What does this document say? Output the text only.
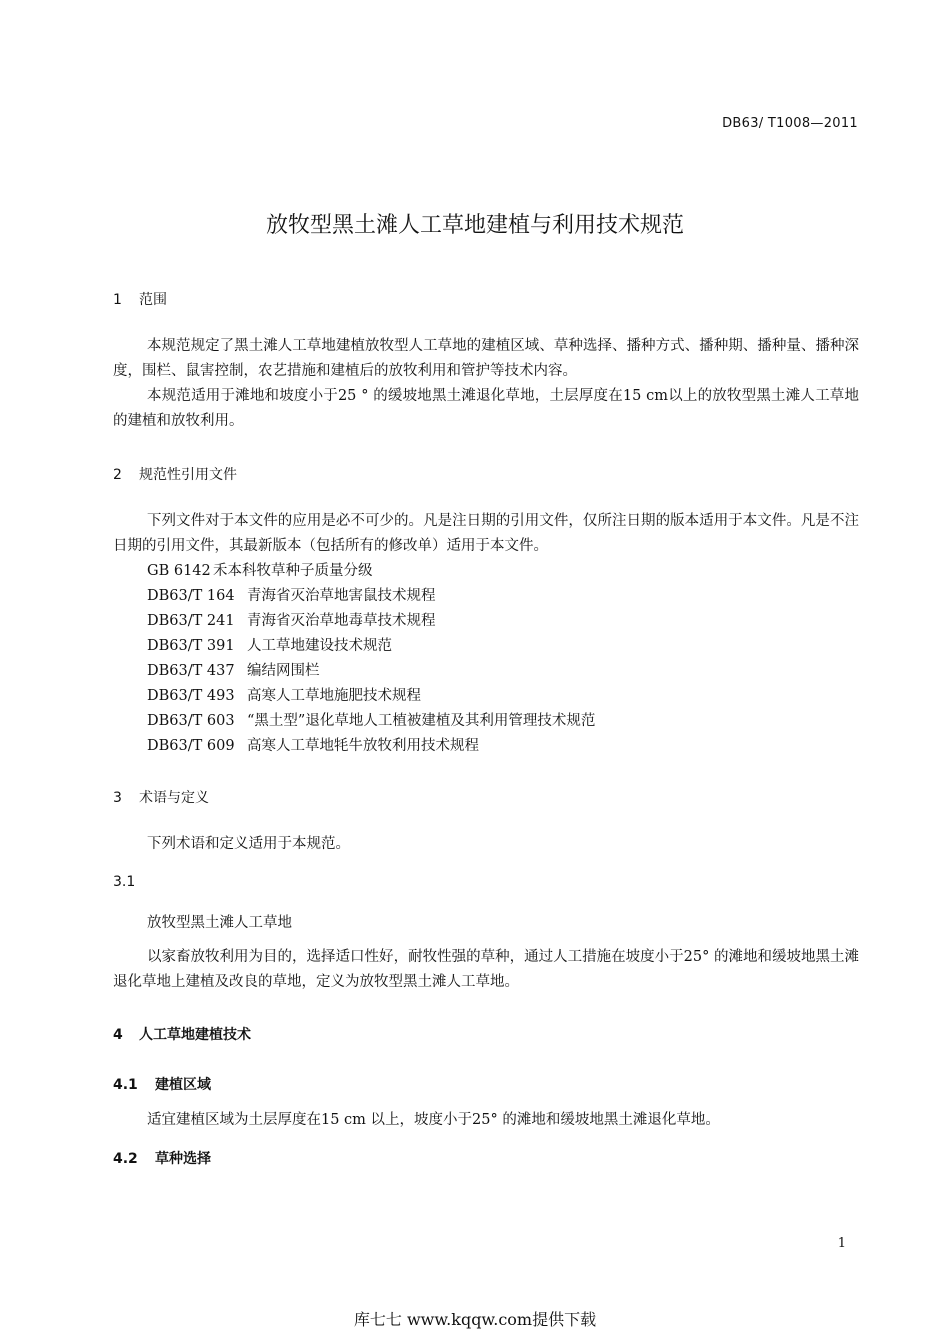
DB63/ T1008—2011
放牧型黑土滩人工草地建植与利用技术规范
1 范围
本规范规定了黑土滩人工草地建植放牧型人工草地的建植区域、草种选择、播种方式、播种期、播种量、播种深度，围栏、鼠害控制，农艺措施和建植后的放牧利用和管护等技术内容。
本规范适用于滩地和坡度小于25 ° 的缓坡地黑土滩退化草地，土层厚度在15 cm以上的放牧型黑土滩人工草地的建植和放牧利用。
2 规范性引用文件
下列文件对于本文件的应用是必不可少的。凡是注日期的引用文件，仅所注日期的版本适用于本文件。凡是不注日期的引用文件，其最新版本（包括所有的修改单）适用于本文件。
GB 6142 禾本科牧草种子质量分级
DB63/T 164 青海省灭治草地害鼠技术规程
DB63/T 241 青海省灭治草地毒草技术规程
DB63/T 391 人工草地建设技术规范
DB63/T 437 编结网围栏
DB63/T 493 高寒人工草地施肥技术规程
DB63/T 603 “黑土型”退化草地人工植被建植及其利用管理技术规范
DB63/T 609 高寒人工草地牦牛放牧利用技术规程
3 术语与定义
下列术语和定义适用于本规范。
3.1
放牧型黑土滩人工草地
以家畜放牧利用为目的，选择适口性好，耐牧性强的草种，通过人工措施在坡度小于25° 的滩地和缓坡地黑土滩退化草地上建植及改良的草地，定义为放牧型黑土滩人工草地。
4 人工草地建植技术
4.1 建植区域
适宜建植区域为土层厚度在15 cm 以上，坡度小于25° 的滩地和缓坡地黑土滩退化草地。
4.2 草种选择
1
库七七 www.kqqw.com提供下载
